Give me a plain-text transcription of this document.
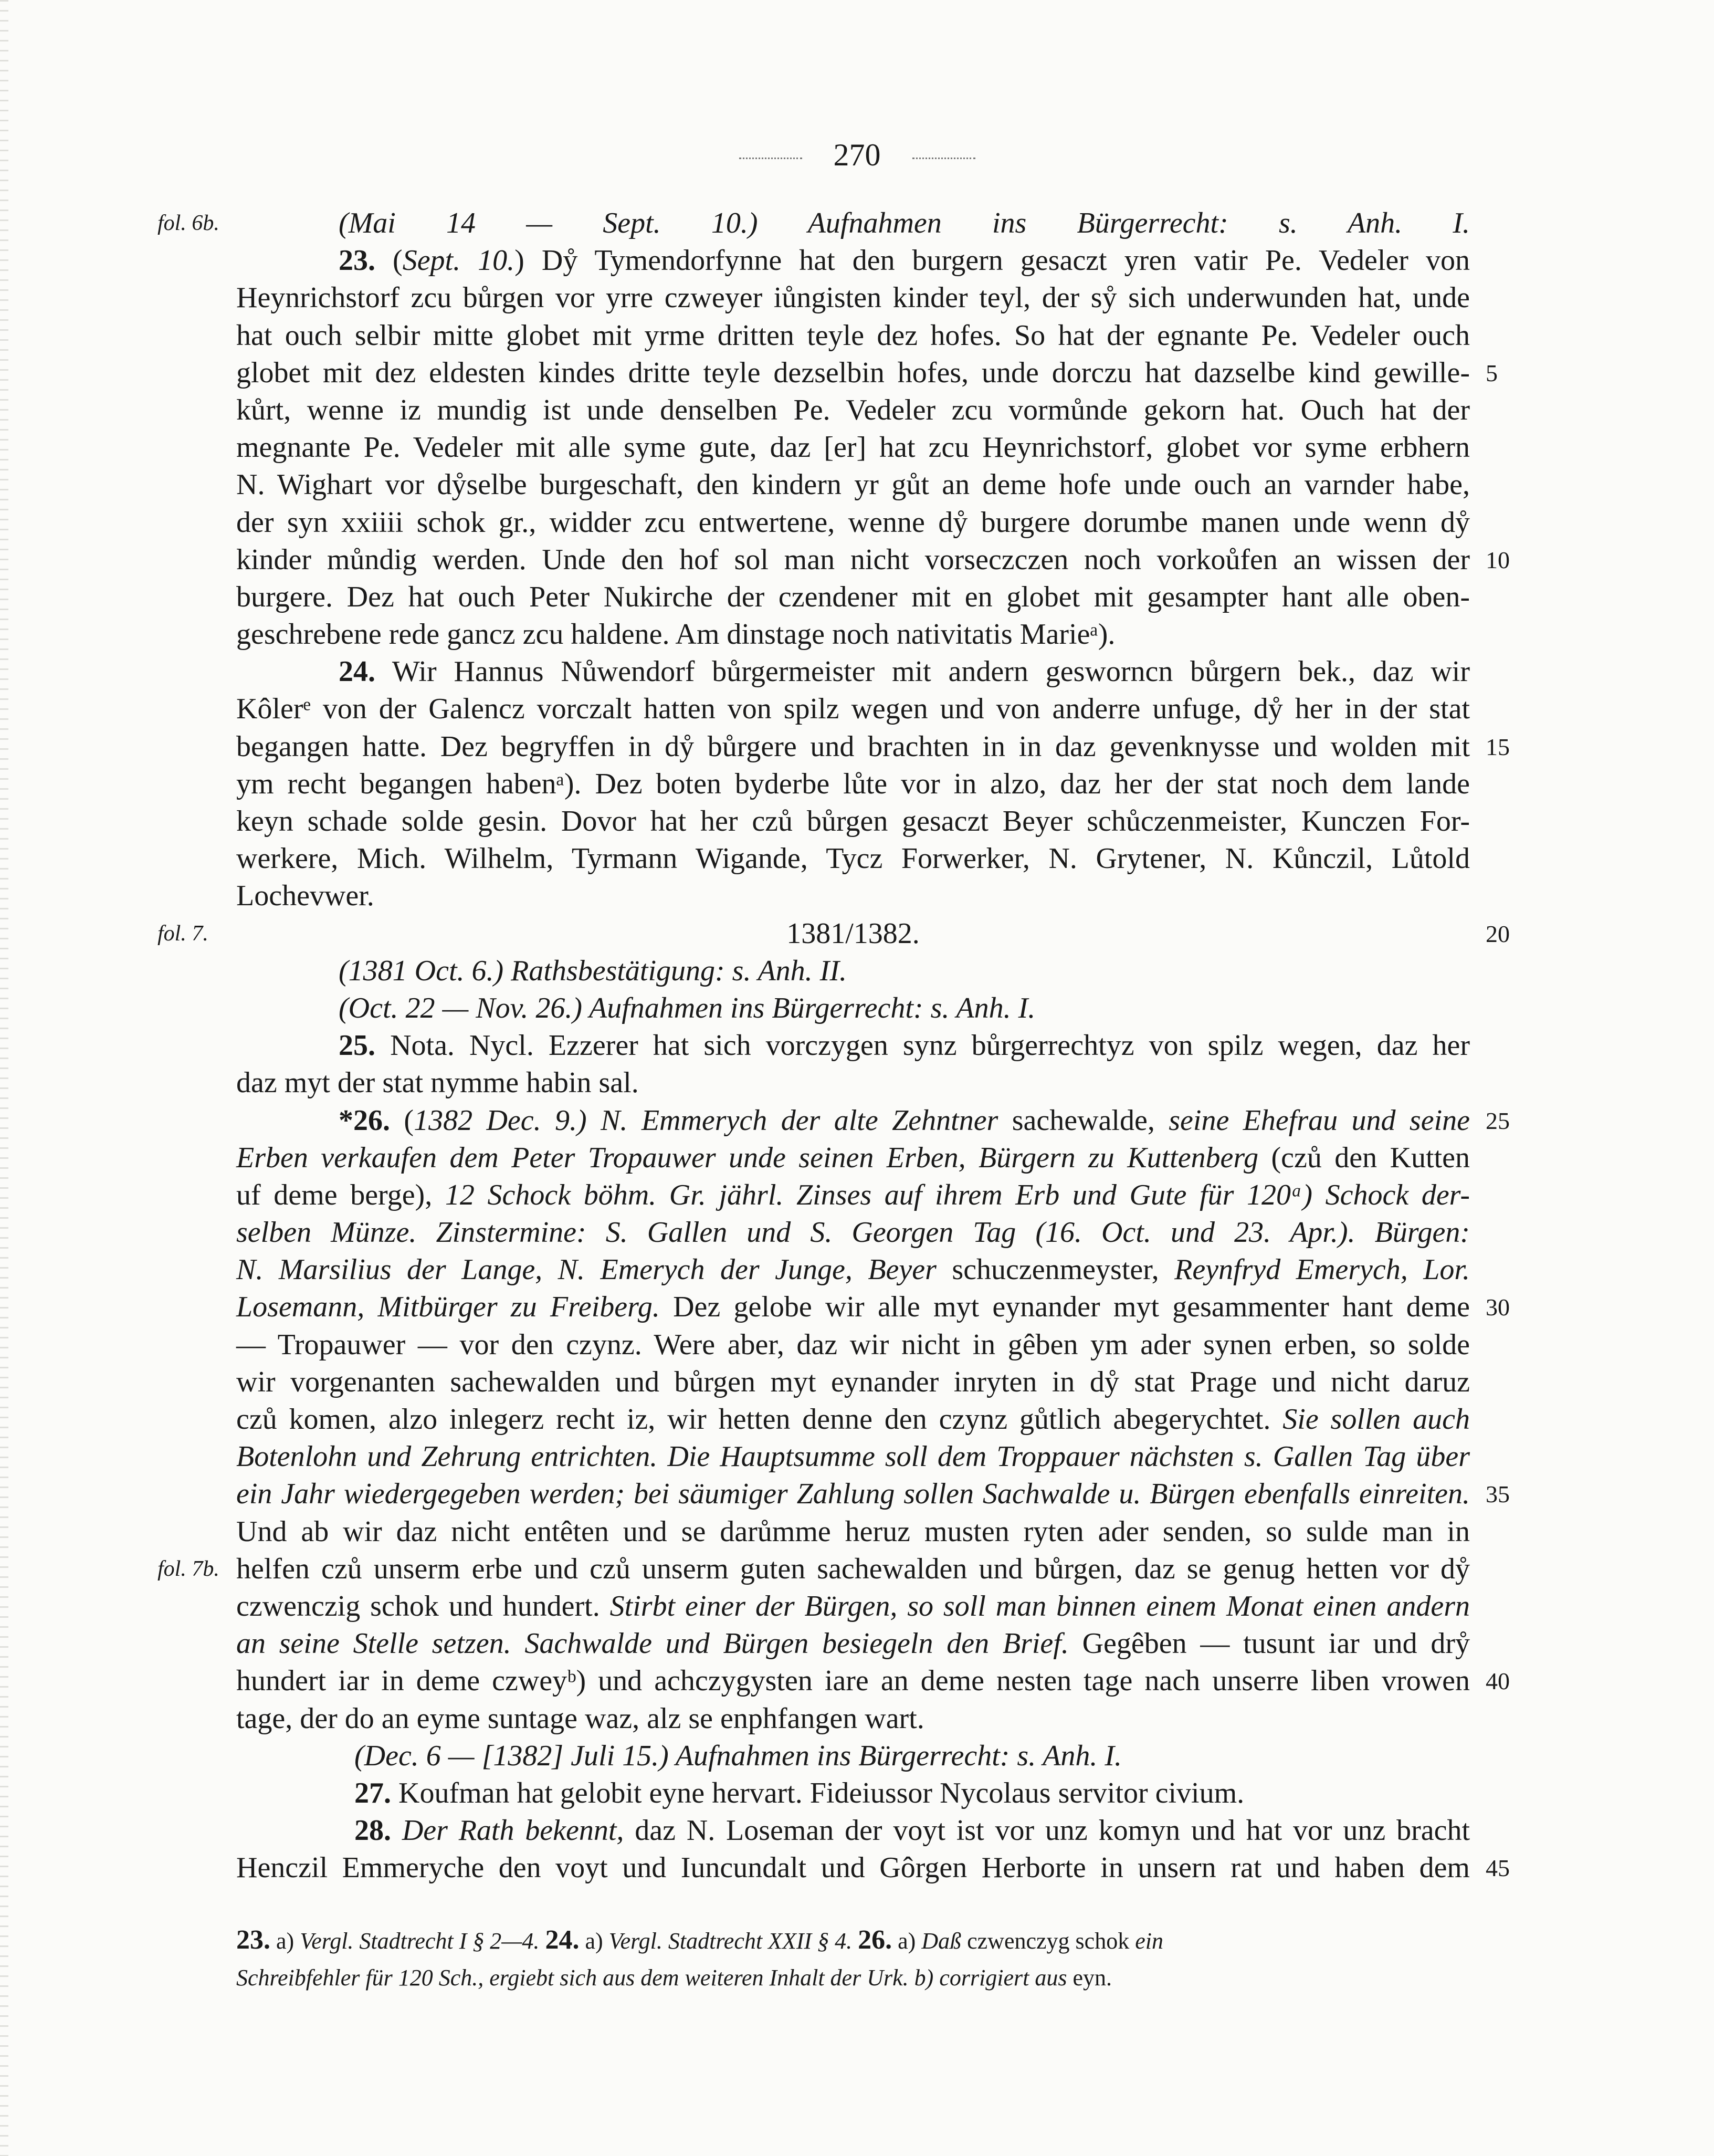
270
(Mai 14 — Sept. 10.) Aufnahmen ins Bürgerrecht: s. Anh. I.
fol. 6b.
23. (Sept. 10.) Dẙ Tymendorfynne hat den burgern gesaczt yren vatir Pe. Vedeler von
Heynrichstorf zcu bůrgen vor yrre czweyer iůngisten kinder teyl, der sẙ sich underwunden hat, unde
hat ouch selbir mitte globet mit yrme dritten teyle dez hofes. So hat der egnante Pe. Vedeler ouch
globet mit dez eldesten kindes dritte teyle dezselbin hofes, unde dorczu hat dazselbe kind gewille- 5
kůrt, wenne iz mundig ist unde denselben Pe. Vedeler zcu vormůnde gekorn hat. Ouch hat der
megnante Pe. Vedeler mit alle syme gute, daz [er] hat zcu Heynrichstorf, globet vor syme erbhern
N. Wighart vor dẙselbe burgeschaft, den kindern yr gůt an deme hofe unde ouch an varnder habe,
der syn xxiiii schok gr., widder zcu entwertene, wenne dẙ burgere dorumbe manen unde wenn dẙ
kinder můndig werden. Unde den hof sol man nicht vorseczczen noch vorkoůfen an wissen der 10
burgere. Dez hat ouch Peter Nukirche der czendener mit en globet mit gesampter hant alle oben-
geschrebene rede gancz zcu haldene. Am dinstage noch nativitatis Marieᵃ).
24. Wir Hannus Nůwendorf bůrgermeister mit andern gesworncn bůrgern bek., daz wir
Kôlerᵉ von der Galencz vorczalt hatten von spilz wegen und von anderre unfuge, dẙ her in der stat
begangen hatte. Dez begryffen in dẙ bůrgere und brachten in in daz gevenknysse und wolden mit 15
ym recht begangen habenᵃ). Dez boten byderbe lůte vor in alzo, daz her der stat noch dem lande
keyn schade solde gesin. Dovor hat her czů bůrgen gesaczt Beyer schůczenmeister, Kunczen For-
werkere, Mich. Wilhelm, Tyrmann Wigande, Tycz Forwerker, N. Grytener, N. Kůnczil, Lůtold
Lochevwer.
1381/1382.
fol. 7.	20
(1381 Oct. 6.) Rathsbestätigung: s. Anh. II.
(Oct. 22 — Nov. 26.) Aufnahmen ins Bürgerrecht: s. Anh. I.
25. Nota. Nycl. Ezzerer hat sich vorczygen synz bůrgerrechtyz von spilz wegen, daz her
daz myt der stat nymme habin sal.
*26. (1382 Dec. 9.) N. Emmerych der alte Zehntner sachewalde, seine Ehefrau und seine 25
Erben verkaufen dem Peter Tropauwer unde seinen Erben, Bürgern zu Kuttenberg (czů den Kutten
uf deme berge), 12 Schock böhm. Gr. jährl. Zinses auf ihrem Erb und Gute für 120ᵃ) Schock der-
selben Münze. Zinstermine: S. Gallen und S. Georgen Tag (16. Oct. und 23. Apr.). Bürgen:
N. Marsilius der Lange, N. Emerych der Junge, Beyer schuczenmeyster, Reynfryd Emerych, Lor.
Losemann, Mitbürger zu Freiberg. Dez gelobe wir alle myt eynander myt gesammenter hant deme 30
— Tropauwer — vor den czynz. Were aber, daz wir nicht in gêben ym ader synen erben, so solde
wir vorgenanten sachewalden und bůrgen myt eynander inryten in dẙ stat Prage und nicht daruz
czů komen, alzo inlegerz recht iz, wir hetten denne den czynz gůtlich abegerychtet. Sie sollen auch
Botenlohn und Zehrung entrichten. Die Hauptsumme soll dem Troppauer nächsten s. Gallen Tag über
ein Jahr wiedergegeben werden; bei säumiger Zahlung sollen Sachwalde u. Bürgen ebenfalls einreiten. 35
Und ab wir daz nicht entêten und se darůmme heruz musten ryten ader senden, so sulde man in
helfen czů unserm erbe und czů unserm guten sachewalden und bůrgen, daz se genug hetten vor dẙ
fol. 7b.
czwenczig schok und hundert. Stirbt einer der Bürgen, so soll man binnen einem Monat einen andern
an seine Stelle setzen. Sachwalde und Bürgen besiegeln den Brief. Gegêben — tusunt iar und drẙ
hundert iar in deme czweyᵇ) und achczygysten iare an deme nesten tage nach unserre liben vrowen 40
tage, der do an eyme suntage waz, alz se enphfangen wart.
(Dec. 6 — [1382] Juli 15.) Aufnahmen ins Bürgerrecht: s. Anh. I.
27. Koufman hat gelobit eyne hervart. Fideiussor Nycolaus servitor civium.
28. Der Rath bekennt, daz N. Loseman der voyt ist vor unz komyn und hat vor unz bracht
Henczil Emmeryche den voyt und Iuncundalt und Gôrgen Herborte in unsern rat und haben dem 45
23. a) Vergl. Stadtrecht I § 2—4. 24. a) Vergl. Stadtrecht XXII § 4. 26. a) Daß czwenczyg schok ein
Schreibfehler für 120 Sch., ergiebt sich aus dem weiteren Inhalt der Urk. b) corrigiert aus eyn.
